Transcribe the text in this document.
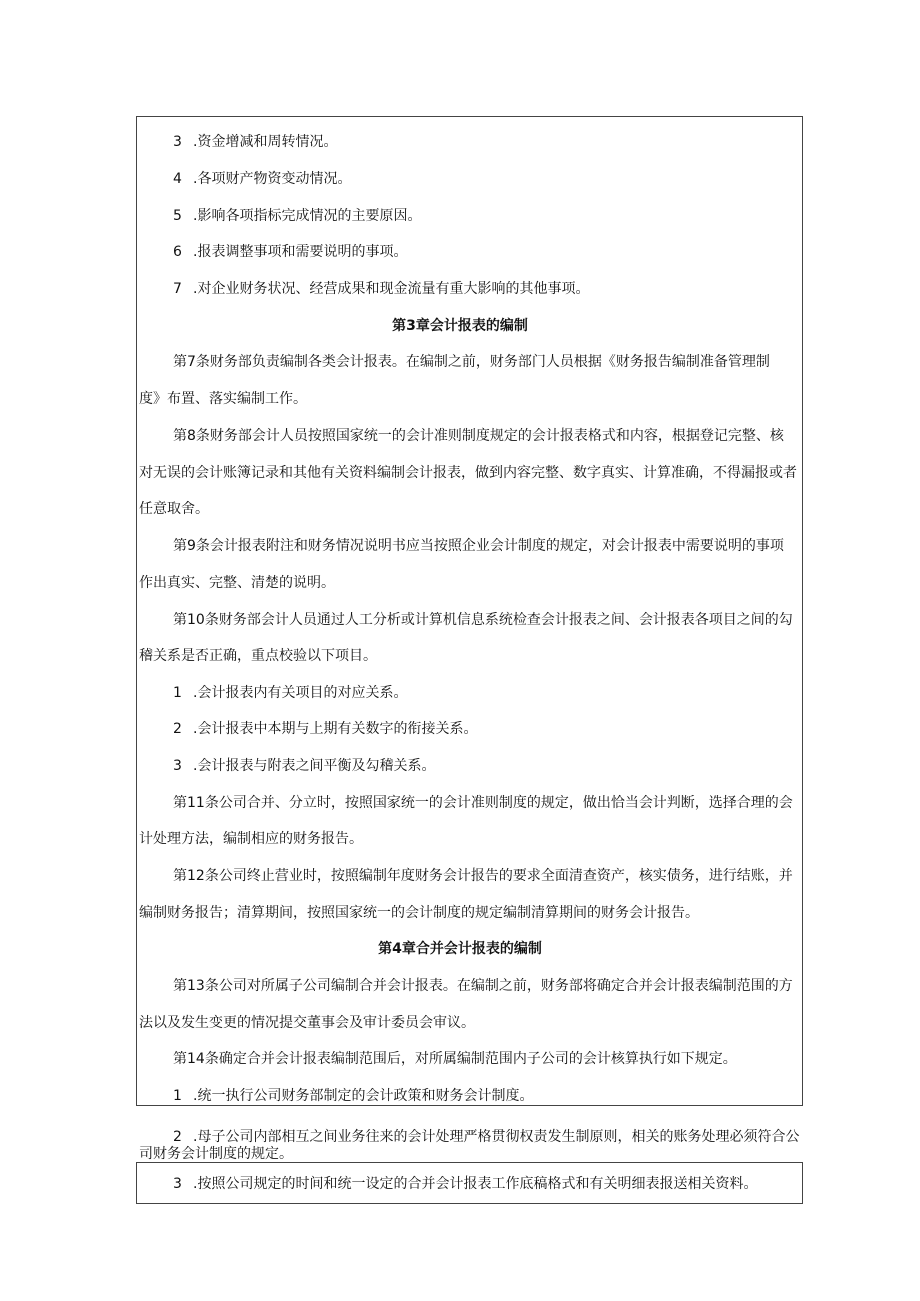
3 .资金增减和周转情况。
4 .各项财产物资变动情况。
5 .影响各项指标完成情况的主要原因。
6 .报表调整事项和需要说明的事项。
7 .对企业财务状况、经营成果和现金流量有重大影响的其他事项。
第3章会计报表的编制
第7条财务部负责编制各类会计报表。在编制之前，财务部门人员根据《财务报告编制准备管理制
度》布置、落实编制工作。
第8条财务部会计人员按照国家统一的会计准则制度规定的会计报表格式和内容，根据登记完整、核
对无误的会计账簿记录和其他有关资料编制会计报表，做到内容完整、数字真实、计算准确，不得漏报或者
任意取舍。
第9条会计报表附注和财务情况说明书应当按照企业会计制度的规定，对会计报表中需要说明的事项
作出真实、完整、清楚的说明。
第10条财务部会计人员通过人工分析或计算机信息系统检查会计报表之间、会计报表各项目之间的勾
稽关系是否正确，重点校验以下项目。
1 .会计报表内有关项目的对应关系。
2 .会计报表中本期与上期有关数字的衔接关系。
3 .会计报表与附表之间平衡及勾稽关系。
第11条公司合并、分立时，按照国家统一的会计准则制度的规定，做出恰当会计判断，选择合理的会
计处理方法，编制相应的财务报告。
第12条公司终止营业时，按照编制年度财务会计报告的要求全面清查资产，核实债务，进行结账，并
编制财务报告；清算期间，按照国家统一的会计制度的规定编制清算期间的财务会计报告。
第4章合并会计报表的编制
第13条公司对所属子公司编制合并会计报表。在编制之前，财务部将确定合并会计报表编制范围的方
法以及发生变更的情况提交董事会及审计委员会审议。
第14条确定合并会计报表编制范围后，对所属编制范围内子公司的会计核算执行如下规定。
1 .统一执行公司财务部制定的会计政策和财务会计制度。
2 .母子公司内部相互之间业务往来的会计处理严格贯彻权责发生制原则，相关的账务处理必须符合公
司财务会计制度的规定。
3 .按照公司规定的时间和统一设定的合并会计报表工作底稿格式和有关明细表报送相关资料。
